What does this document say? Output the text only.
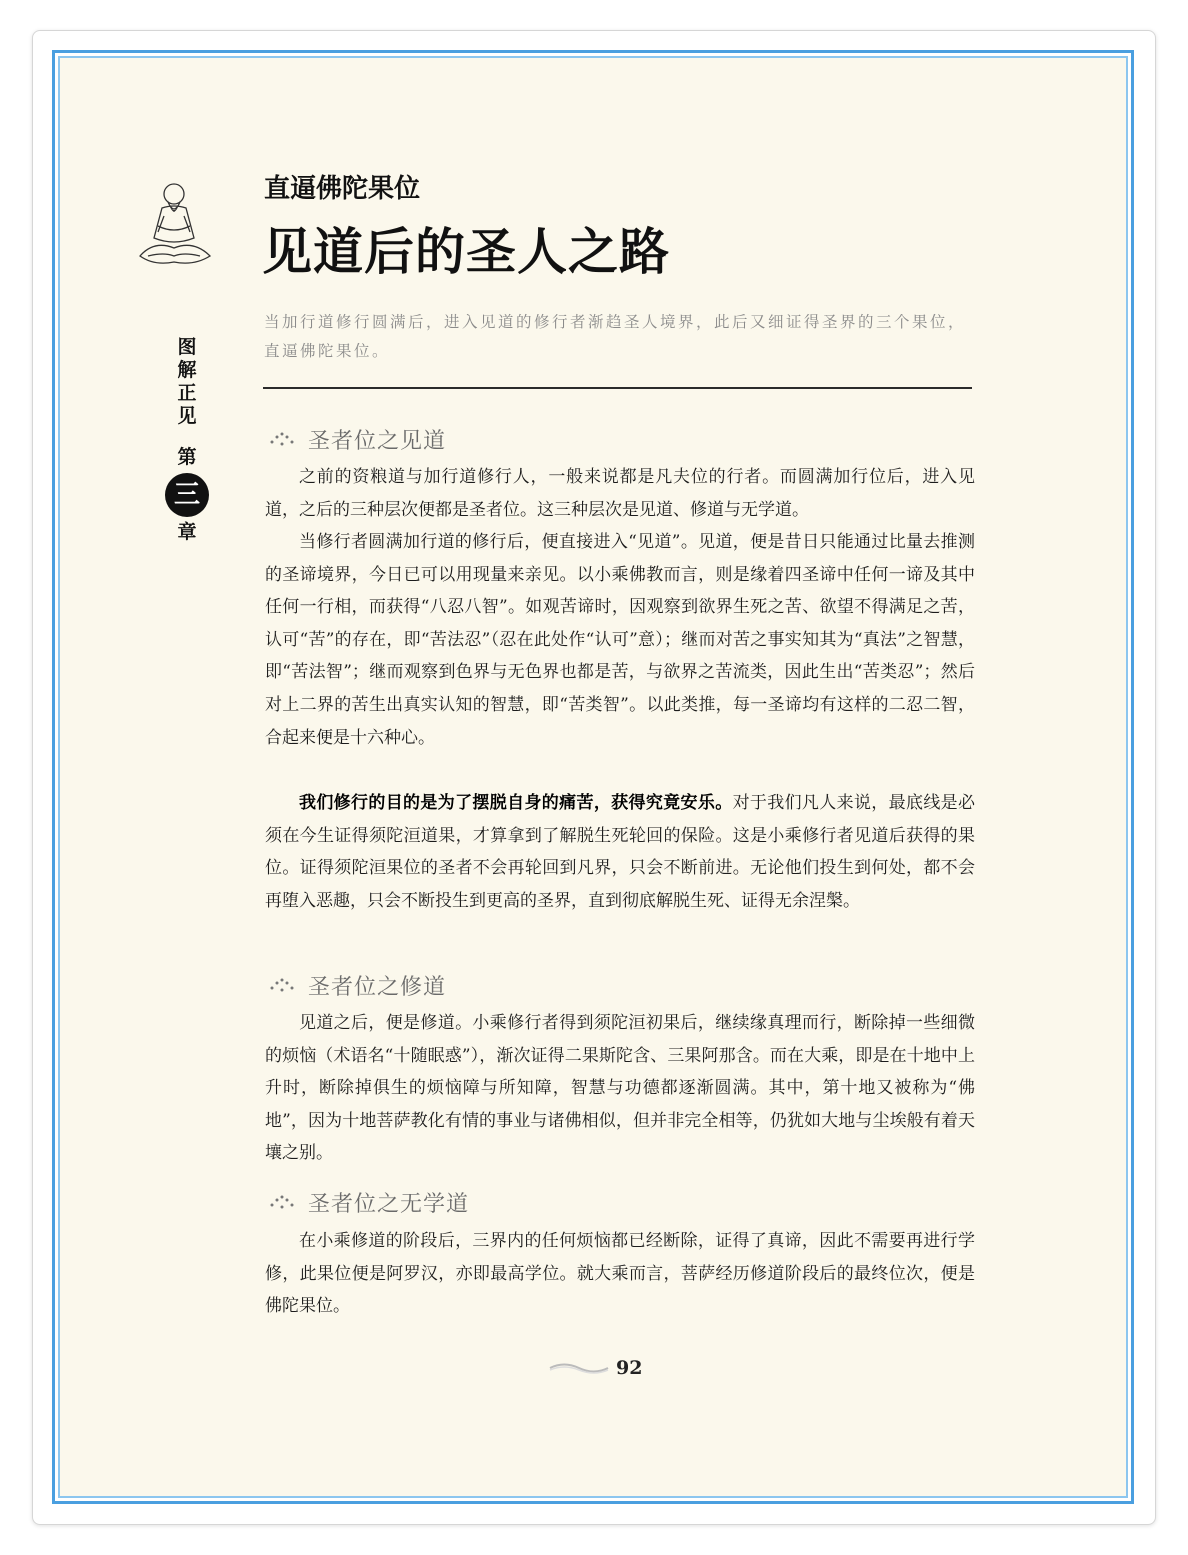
图
解
正
见
第
三
章
直逼佛陀果位
见道后的圣人之路
当加行道修行圆满后，进入见道的修行者渐趋圣人境界，此后又细证得圣界的三个果位，直逼佛陀果位。
圣者位之见道

之前的资粮道与加行道修行人，一般来说都是凡夫位的行者。而圆满加行位后，进入见道，之后的三种层次便都是圣者位。这三种层次是见道、修道与无学道。

当修行者圆满加行道的修行后，便直接进入“见道”。见道，便是昔日只能通过比量去推测的圣谛境界，今日已可以用现量来亲见。以小乘佛教而言，则是缘着四圣谛中任何一谛及其中任何一行相，而获得“八忍八智”。如观苦谛时，因观察到欲界生死之苦、欲望不得满足之苦，认可“苦”的存在，即“苦法忍”（忍在此处作“认可”意）；继而对苦之事实知其为“真法”之智慧，即“苦法智”；继而观察到色界与无色界也都是苦，与欲界之苦流类，因此生出“苦类忍”；然后对上二界的苦生出真实认知的智慧，即“苦类智”。以此类推，每一圣谛均有这样的二忍二智，合起来便是十六种心。

我们修行的目的是为了摆脱自身的痛苦，获得究竟安乐。对于我们凡人来说，最底线是必须在今生证得须陀洹道果，才算拿到了解脱生死轮回的保险。这是小乘修行者见道后获得的果位。证得须陀洹果位的圣者不会再轮回到凡界，只会不断前进。无论他们投生到何处，都不会再堕入恶趣，只会不断投生到更高的圣界，直到彻底解脱生死、证得无余涅槃。

圣者位之修道

见道之后，便是修道。小乘修行者得到须陀洹初果后，继续缘真理而行，断除掉一些细微的烦恼（术语名“十随眠惑”），渐次证得二果斯陀含、三果阿那含。而在大乘，即是在十地中上升时，断除掉俱生的烦恼障与所知障，智慧与功德都逐渐圆满。其中，第十地又被称为“佛地”，因为十地菩萨教化有情的事业与诸佛相似，但并非完全相等，仍犹如大地与尘埃般有着天壤之别。

圣者位之无学道

在小乘修道的阶段后，三界内的任何烦恼都已经断除，证得了真谛，因此不需要再进行学修，此果位便是阿罗汉，亦即最高学位。就大乘而言，菩萨经历修道阶段后的最终位次，便是佛陀果位。

92
